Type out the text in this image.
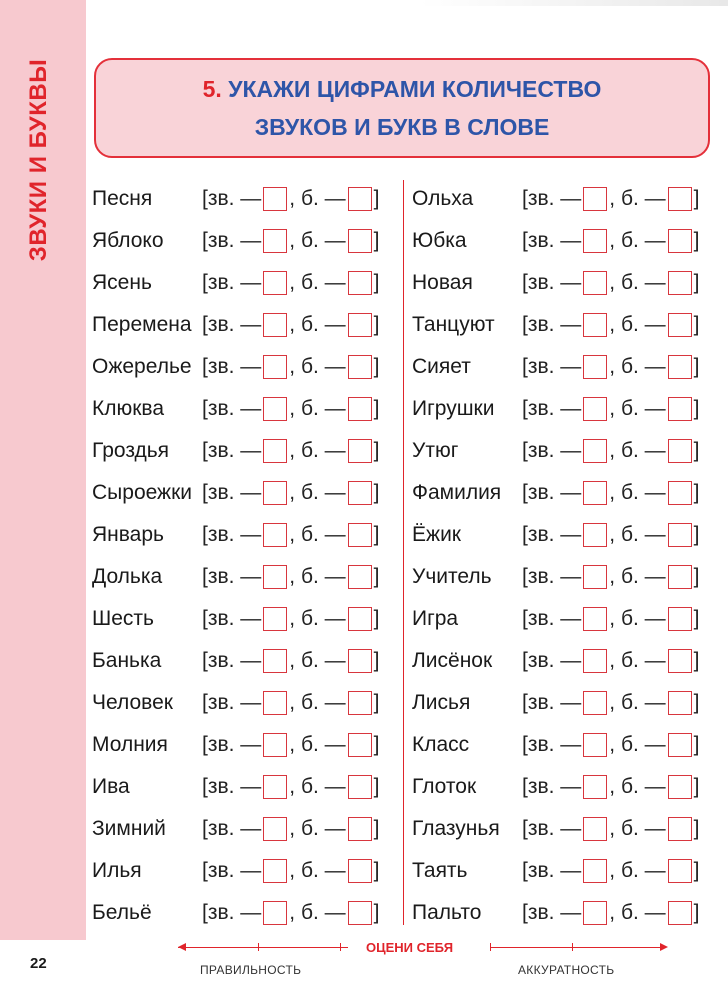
ЗВУКИ И БУКВЫ	5. УКАЖИ ЦИФРАМИ КОЛИЧЕСТВО
ЗВУКОВ И БУКВ В СЛОВЕ
Песня	[зв. — , б. — ]
Яблоко	[зв. — , б. — ]
Ясень	[зв. — , б. — ]
Перемена [зв. — , б. — ]
Ожерелье [зв. — , б. — ]
Клюква	[зв. — , б. — ]
Гроздья	[зв. — , б. — ]
Сыроежки [зв. — , б. — ]
Январь	[зв. — , б. — ]
Долька	[зв. — , б. — ]
Шесть	[зв. — , б. — ]
Банька	[зв. — , б. — ]
Человек	[зв. — , б. — ]
Молния	[зв. — , б. — ]
Ива	[зв. — , б. — ]
Зимний	[зв. — , б. — ]
Илья	[зв. — , б. — ]
Бельё	[зв. — , б. — ]
Ольха	[зв. — , б. — ]
Юбка	[зв. — , б. — ]
Новая	[зв. — , б. — ]
Танцуют	[зв. — , б. — ]
Сияет	[зв. — , б. — ]
Игрушки	[зв. — , б. — ]
Утюг	[зв. — , б. — ]
Фамилия [зв. — , б. — ]
Ёжик	[зв. — , б. — ]
Учитель	[зв. — , б. — ]
Игра	[зв. — , б. — ]
Лисёнок	[зв. — , б. — ]
Лисья	[зв. — , б. — ]
Класс	[зв. — , б. — ]
Глоток	[зв. — , б. — ]
Глазунья	[зв. — , б. — ]
Таять	[зв. — , б. — ]
Пальто	[зв. — , б. — ]
22
ОЦЕНИ СЕБЯ
ПРАВИЛЬНОСТЬ	АККУРАТНОСТЬ
